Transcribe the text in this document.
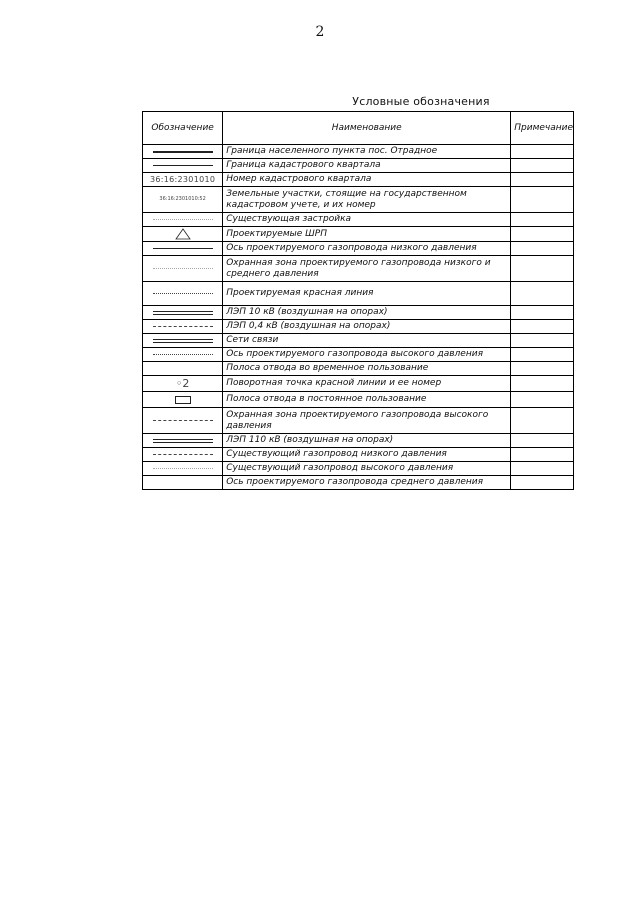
2
Условные обозначения
Обозначение	Наименование	Примечание

	Граница населенного пункта пос. Отрадное	

	Граница кадастрового квартала	

36:16:2301010	Номер кадастрового квартала	

36:16:2301010:52	Земельные участки, стоящие на государственном кадастровом учете, и их номер	

	Существующая застройка	

	Проектируемые ШРП	

	Ось проектируемого газопровода низкого давления	

	Охранная зона проектируемого газопровода низкого и среднего давления	

	Проектируемая красная линия	

	ЛЭП 10 кВ (воздушная на опорах)	

	ЛЭП 0,4 кВ (воздушная на опорах)	

	Сети связи	

	Ось проектируемого газопровода высокого давления	
	Полоса отвода во временное пользование	

◦2	Поворотная точка красной линии и ее номер	

	Полоса отвода в постоянное пользование	

	Охранная зона проектируемого газопровода высокого давления	

	ЛЭП 110 кВ (воздушная на опорах)	

	Существующий газопровод низкого давления	

	Существующий газопровод высокого давления	
	Ось проектируемого газопровода среднего давления	
